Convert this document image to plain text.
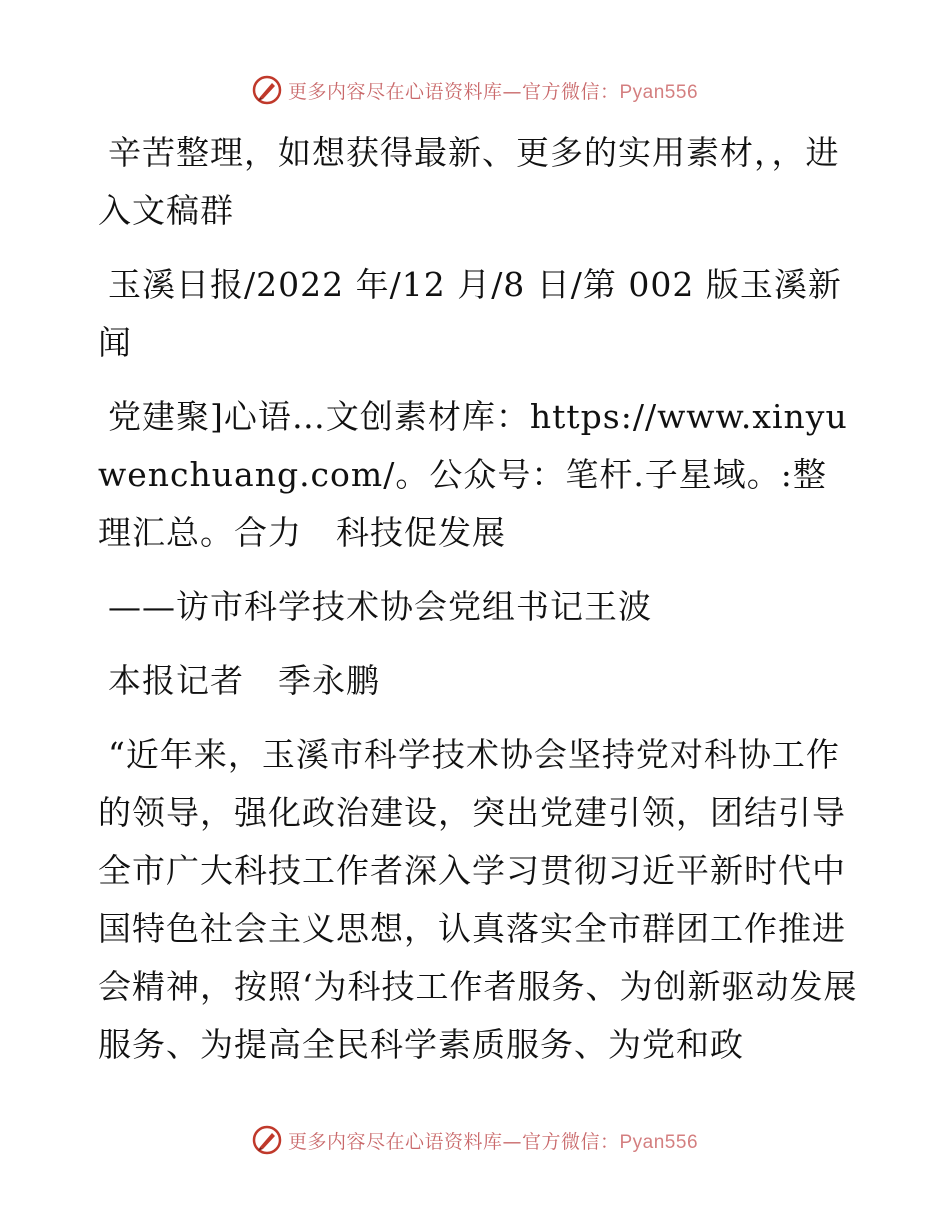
更多内容尽在心语资料库—官方微信：Pyan556

辛苦整理，如想获得最新、更多的实用素材，，进入文稿群

玉溪日报/2022 年/12 月/8 日/第 002 版玉溪新闻

党建聚]心语…文创素材库：https://www.xinyuwenchuang.com/。公众号：笔杆.子星域。:整理汇总。合力　科技促发展

——访市科学技术协会党组书记王波

本报记者　季永鹏

“近年来，玉溪市科学技术协会坚持党对科协工作的领导，强化政治建设，突出党建引领，团结引导全市广大科技工作者深入学习贯彻习近平新时代中国特色社会主义思想，认真落实全市群团工作推进会精神，按照‘为科技工作者服务、为创新驱动发展服务、为提高全民科学素质服务、为党和政

更多内容尽在心语资料库—官方微信：Pyan556
